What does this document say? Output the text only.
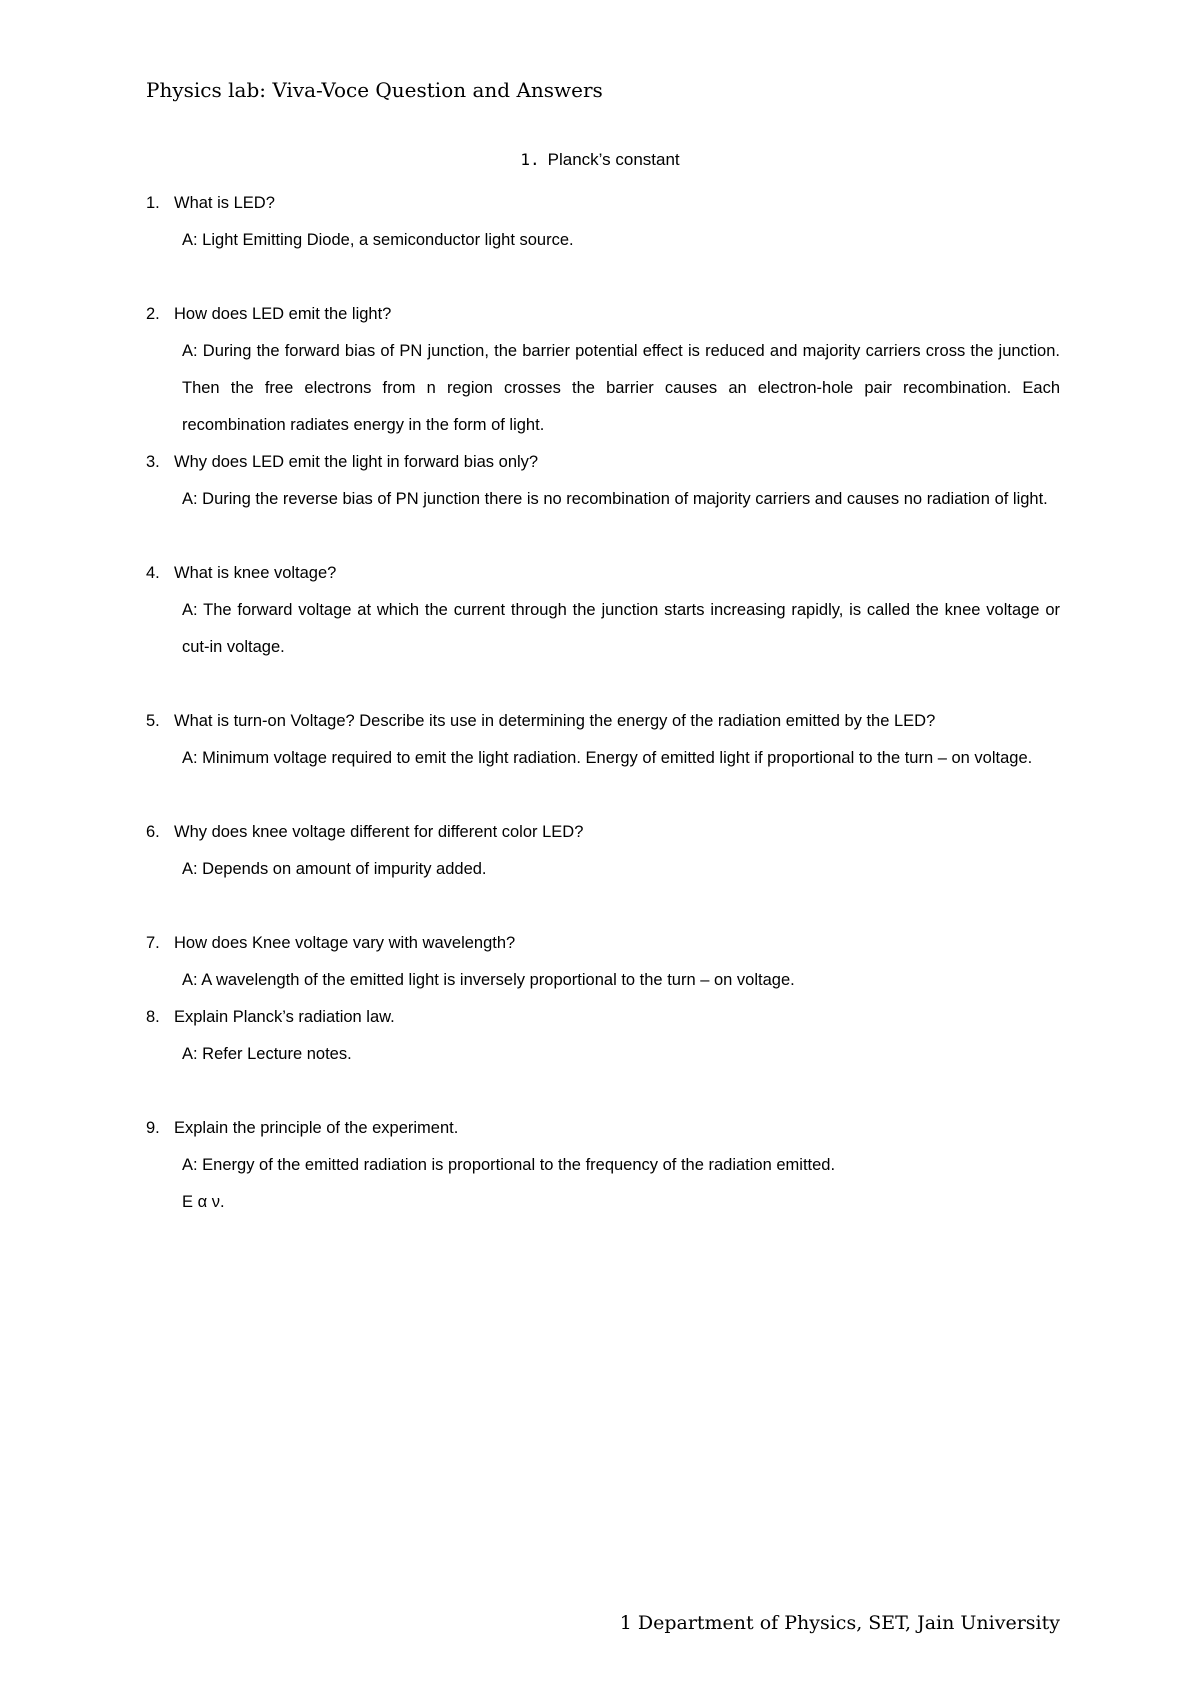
Physics lab: Viva-Voce Question and Answers
1. Planck’s constant
1. What is LED?
A: Light Emitting Diode, a semiconductor light source.
2. How does LED emit the light?
A: During the forward bias of PN junction, the barrier potential effect is reduced and majority carriers cross the junction. Then the free electrons from n region crosses the barrier causes an electron-hole pair recombination. Each recombination radiates energy in the form of light.
3. Why does LED emit the light in forward bias only?
A: During the reverse bias of PN junction there is no recombination of majority carriers and causes no radiation of light.
4. What is knee voltage?
A: The forward voltage at which the current through the junction starts increasing rapidly, is called the knee voltage or cut-in voltage.
5. What is turn-on Voltage? Describe its use in determining the energy of the radiation emitted by the LED?
A: Minimum voltage required to emit the light radiation. Energy of emitted light if proportional to the turn – on voltage.
6. Why does knee voltage different for different color LED?
A: Depends on amount of impurity added.
7. How does Knee voltage vary with wavelength?
A: A wavelength of the emitted light is inversely proportional to the turn – on voltage.
8. Explain Planck’s radiation law.
A: Refer Lecture notes.
9. Explain the principle of the experiment.
A: Energy of the emitted radiation is proportional to the frequency of the radiation emitted.
E α ν.
1 Department of Physics, SET, Jain University
